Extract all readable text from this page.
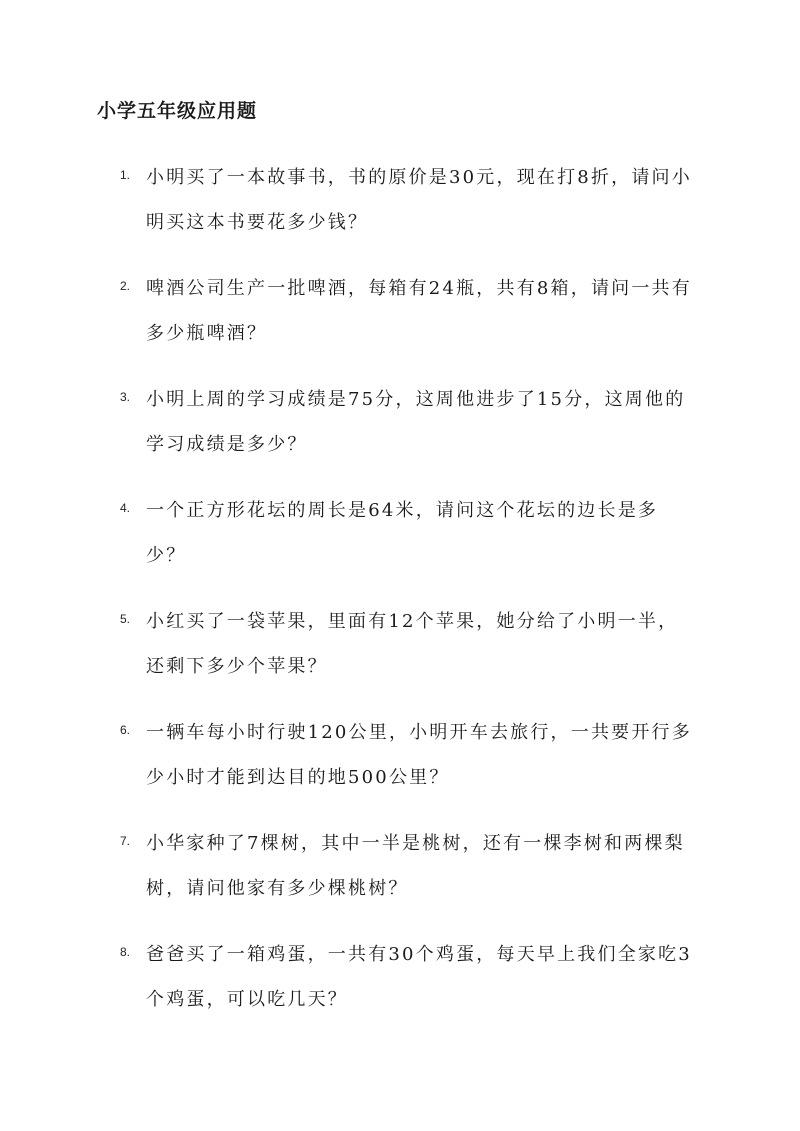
小学五年级应用题
1. 小明买了一本故事书，书的原价是30元，现在打8折，请问小明买这本书要花多少钱？
2. 啤酒公司生产一批啤酒，每箱有24瓶，共有8箱，请问一共有多少瓶啤酒？
3. 小明上周的学习成绩是75分，这周他进步了15分，这周他的学习成绩是多少？
4. 一个正方形花坛的周长是64米，请问这个花坛的边长是多少？
5. 小红买了一袋苹果，里面有12个苹果，她分给了小明一半，还剩下多少个苹果？
6. 一辆车每小时行驶120公里，小明开车去旅行，一共要开行多少小时才能到达目的地500公里？
7. 小华家种了7棵树，其中一半是桃树，还有一棵李树和两棵梨树，请问他家有多少棵桃树？
8. 爸爸买了一箱鸡蛋，一共有30个鸡蛋，每天早上我们全家吃3个鸡蛋，可以吃几天？
